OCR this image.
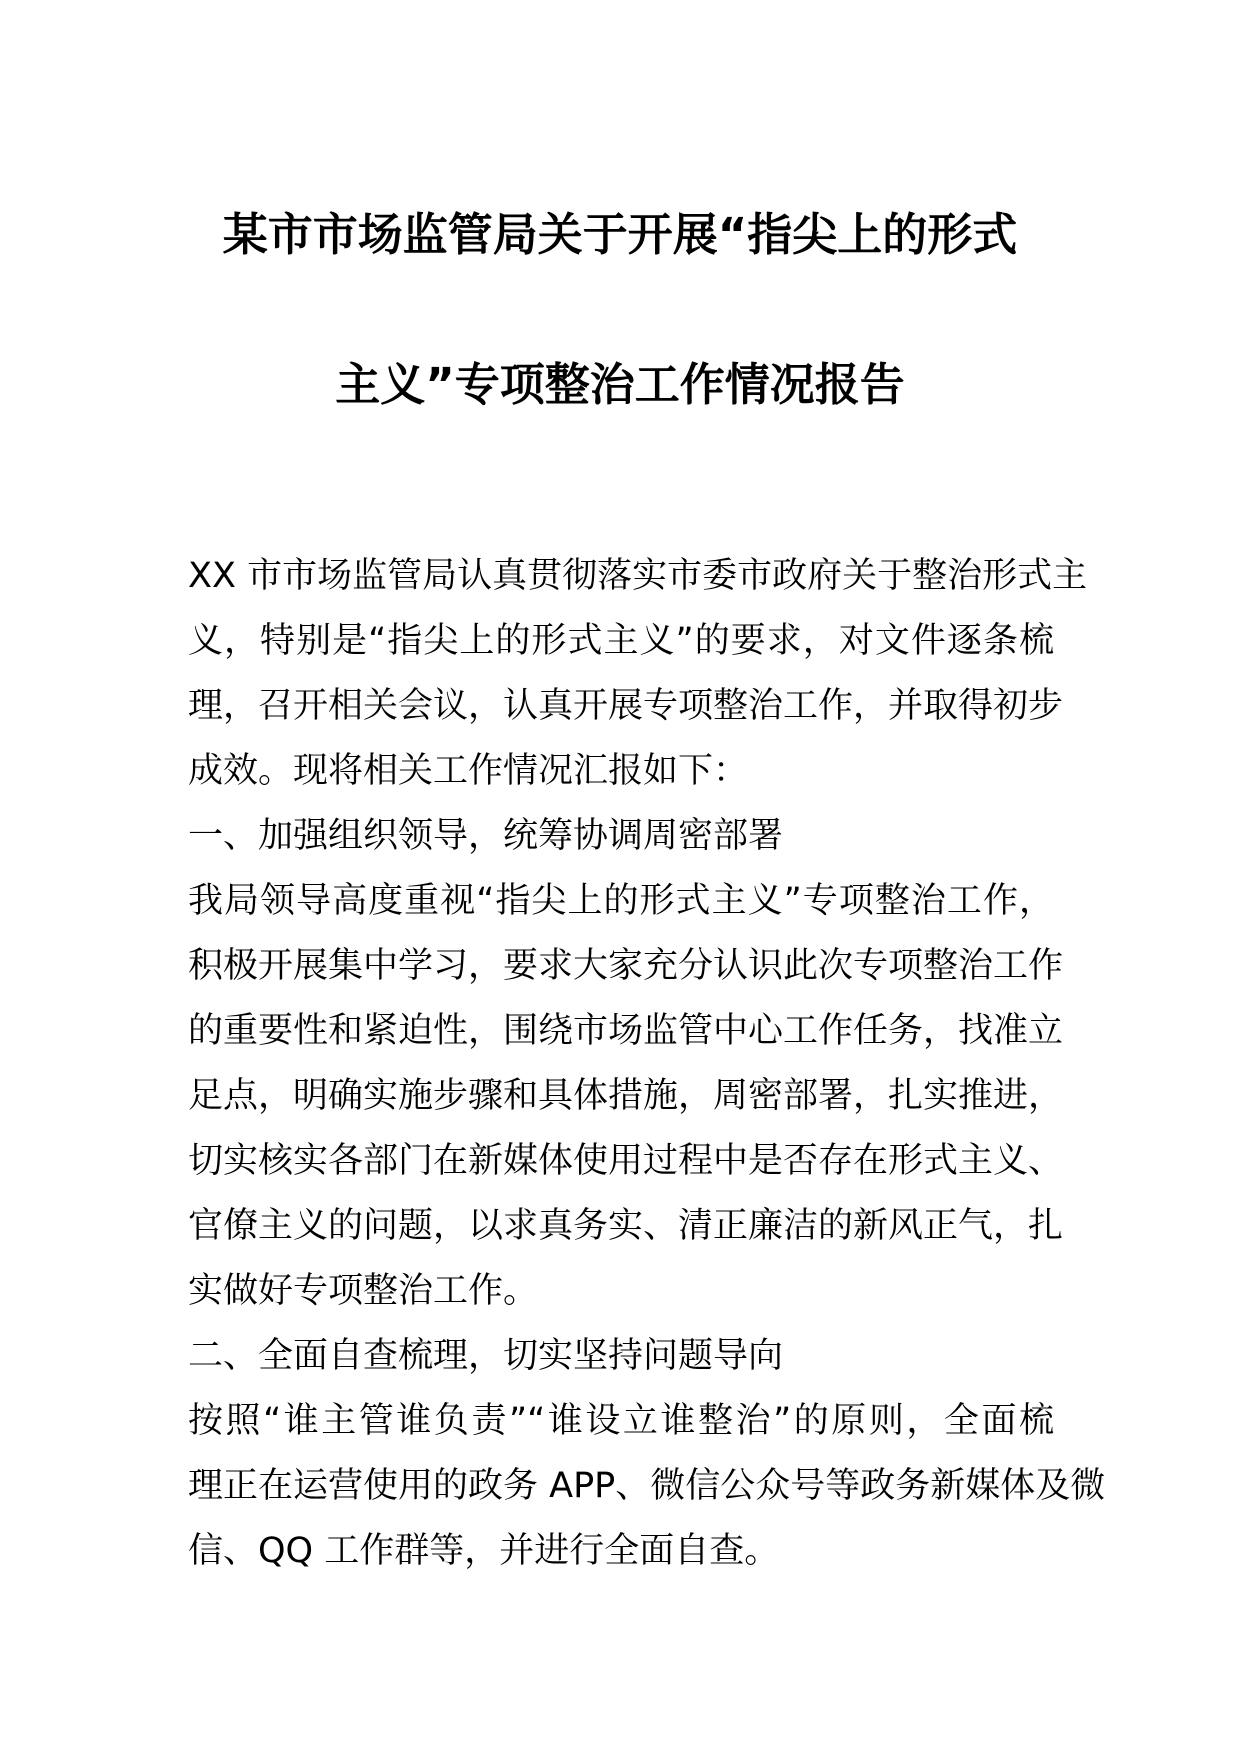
某市市场监管局关于开展“指尖上的形式
主义”专项整治工作情况报告
XX 市市场监管局认真贯彻落实市委市政府关于整治形式主
义，特别是“指尖上的形式主义”的要求，对文件逐条梳
理，召开相关会议，认真开展专项整治工作，并取得初步
成效。现将相关工作情况汇报如下：
一、加强组织领导，统筹协调周密部署
我局领导高度重视“指尖上的形式主义”专项整治工作，
积极开展集中学习，要求大家充分认识此次专项整治工作
的重要性和紧迫性，围绕市场监管中心工作任务，找准立
足点，明确实施步骤和具体措施，周密部署，扎实推进，
切实核实各部门在新媒体使用过程中是否存在形式主义、
官僚主义的问题，以求真务实、清正廉洁的新风正气，扎
实做好专项整治工作。
二、全面自查梳理，切实坚持问题导向
按照“谁主管谁负责”“谁设立谁整治”的原则，全面梳
理正在运营使用的政务 APP、微信公众号等政务新媒体及微
信、QQ 工作群等，并进行全面自查。
